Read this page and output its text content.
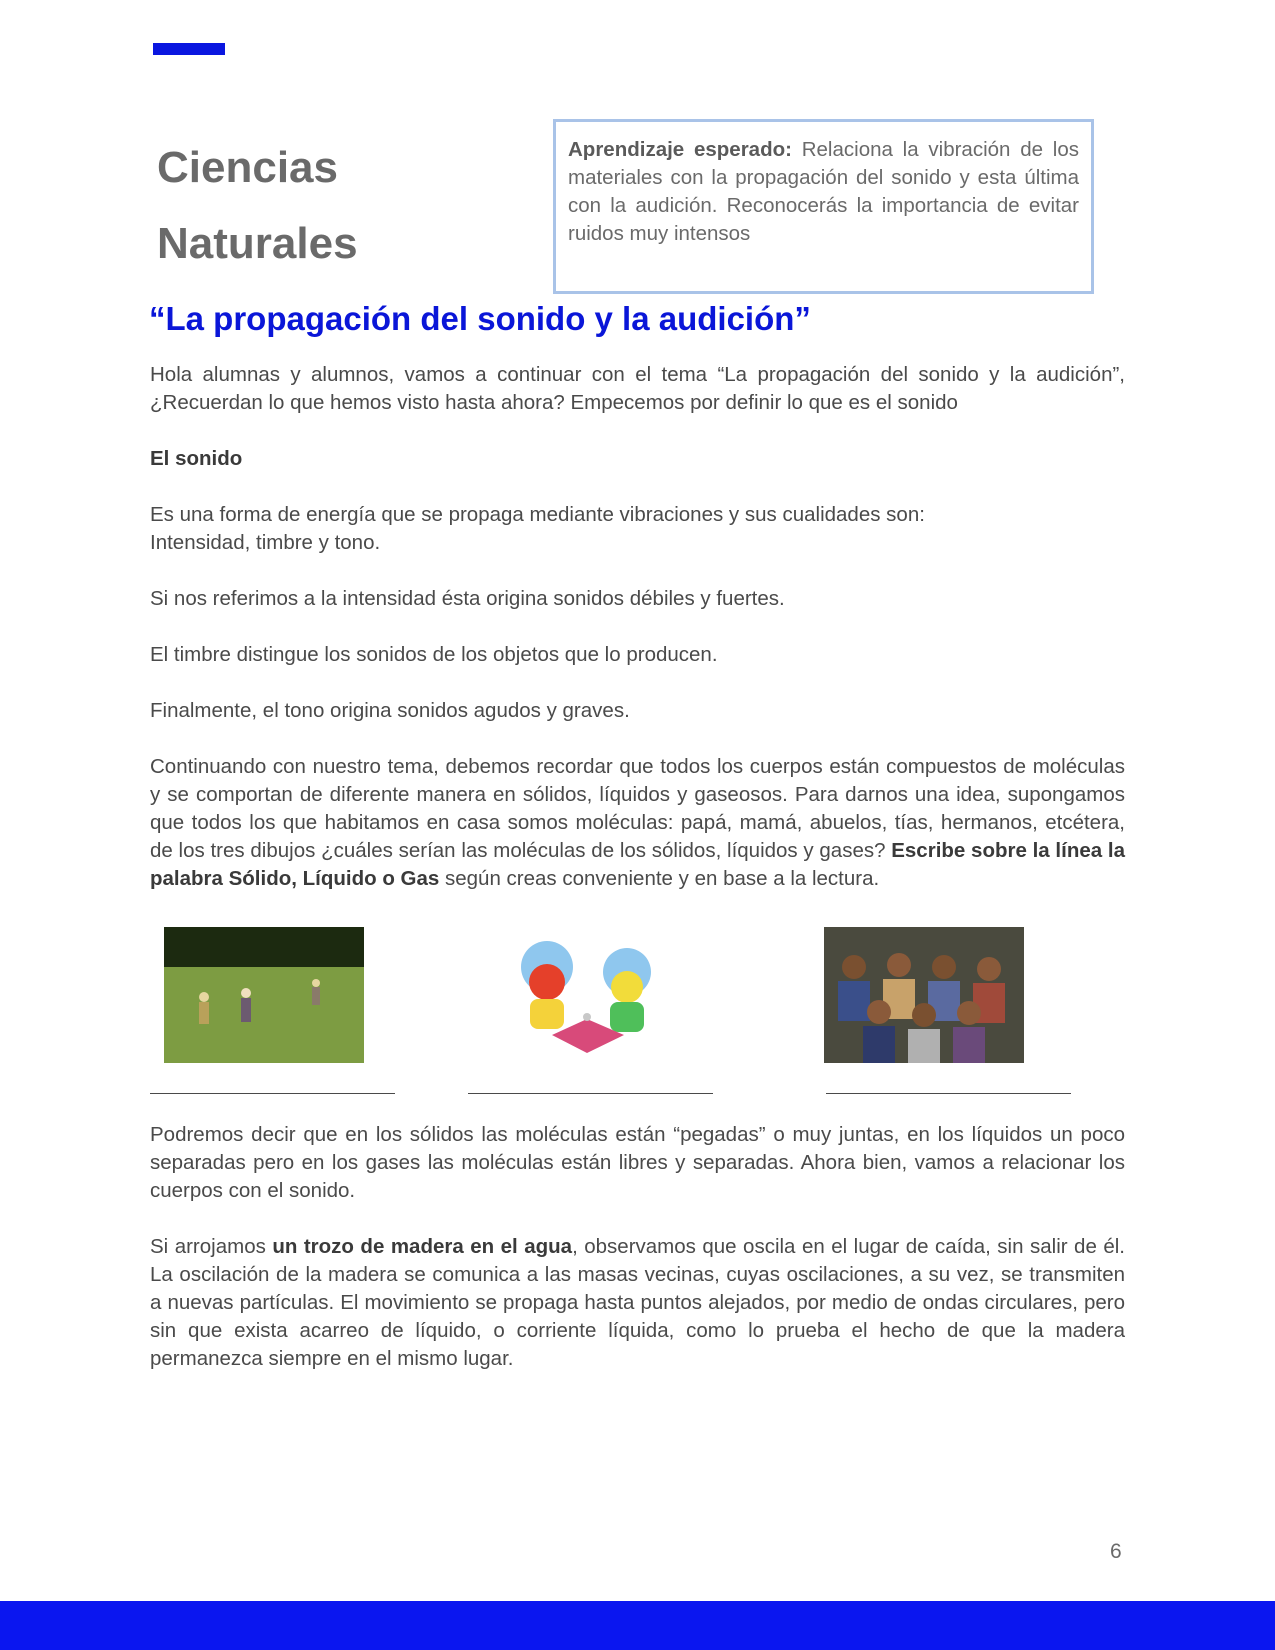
Ciencias
Naturales
Aprendizaje esperado: Relaciona la vibración de los materiales con la propagación del sonido y esta última con la audición. Reconocerás la importancia de evitar ruidos muy intensos
“La propagación del sonido y la audición”

Hola alumnas y alumnos, vamos a continuar con el tema “La propagación del sonido y la audición”, ¿Recuerdan lo que hemos visto hasta ahora? Empecemos por definir lo que es el sonido

El sonido

Es una forma de energía que se propaga mediante vibraciones y sus cualidades son:
Intensidad, timbre y tono.

Si nos referimos a la intensidad ésta origina sonidos débiles y fuertes.

El timbre distingue los sonidos de los objetos que lo producen.

Finalmente, el tono origina sonidos agudos y graves.

Continuando con nuestro tema, debemos recordar que todos los cuerpos están compuestos de moléculas y se comportan de diferente manera en sólidos, líquidos y gaseosos. Para darnos una idea, supongamos que todos los que habitamos en casa somos moléculas: papá, mamá, abuelos, tías, hermanos, etcétera, de los tres dibujos ¿cuáles serían las moléculas de los sólidos, líquidos y gases? Escribe sobre la línea la palabra Sólido, Líquido o Gas según creas conveniente y en base a la lectura.

Podremos decir que en los sólidos las moléculas están “pegadas” o muy juntas, en los líquidos un poco separadas pero en los gases las moléculas están libres y separadas. Ahora bien, vamos a relacionar los cuerpos con el sonido.

Si arrojamos un trozo de madera en el agua, observamos que oscila en el lugar de caída, sin salir de él. La oscilación de la madera se comunica a las masas vecinas, cuyas oscilaciones, a su vez, se transmiten a nuevas partículas. El movimiento se propaga hasta puntos alejados, por medio de ondas circulares, pero sin que exista acarreo de líquido, o corriente líquida, como lo prueba el hecho de que la madera permanezca siempre en el mismo lugar.

6
